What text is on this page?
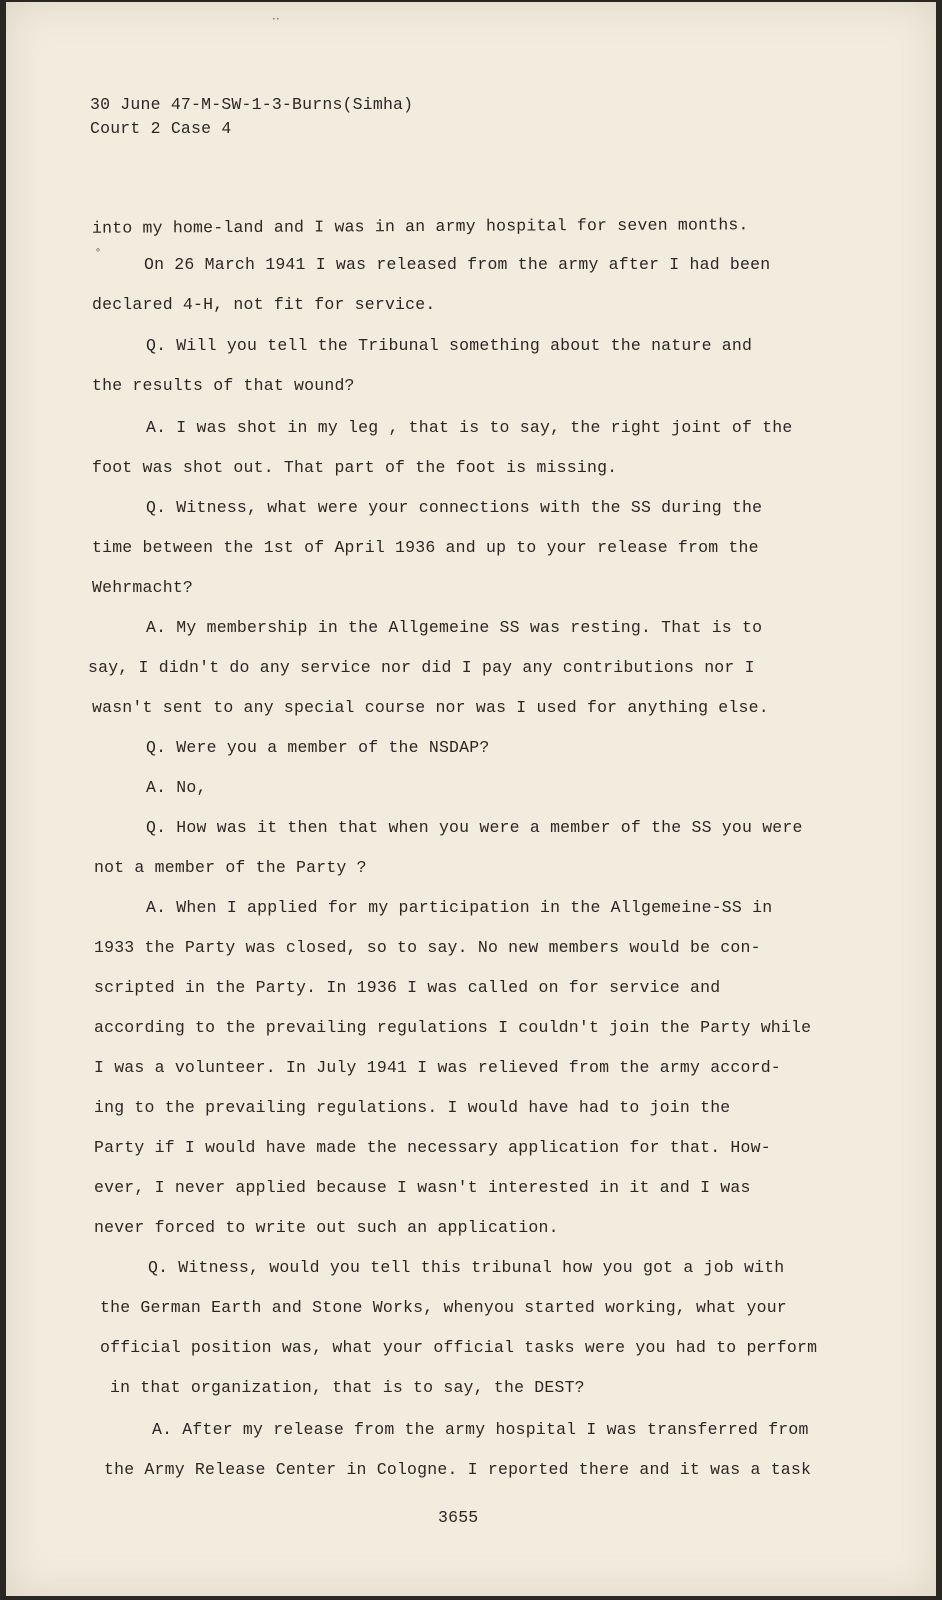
30 June 47-M-SW-1-3-Burns(Simha)
Court 2 Case 4
··
˚
into my home-land and I was in an army hospital for seven months.
On 26 March 1941 I was released from the army after I had been
declared 4-H, not fit for service.
Q. Will you tell the Tribunal something about the nature and
the results of that wound?
A. I was shot in my leg , that is to say, the right joint of the
foot was shot out. That part of the foot is missing.
Q. Witness, what were your connections with the SS during the
time between the 1st of April 1936 and up to your release from the
Wehrmacht?
A. My membership in the Allgemeine SS was resting. That is to
say, I didn't do any service nor did I pay any contributions nor I
wasn't sent to any special course nor was I used for anything else.
Q. Were you a member of the NSDAP?
A. No,
Q. How was it then that when you were a member of the SS you were
not a member of the Party ?
A. When I applied for my participation in the Allgemeine-SS in
1933 the Party was closed, so to say. No new members would be con-
scripted in the Party. In 1936 I was called on for service and
according to the prevailing regulations I couldn't join the Party while
I was a volunteer. In July 1941 I was relieved from the army accord-
ing to the prevailing regulations. I would have had to join the
Party if I would have made the necessary application for that. How-
ever, I never applied because I wasn't interested in it and I was
never forced to write out such an application.
Q. Witness, would you tell this tribunal how you got a job with
the German Earth and Stone Works, whenyou started working, what your
official position was, what your official tasks were you had to perform
in that organization, that is to say, the DEST?
A. After my release from the army hospital I was transferred from
the Army Release Center in Cologne. I reported there and it was a task
3655
